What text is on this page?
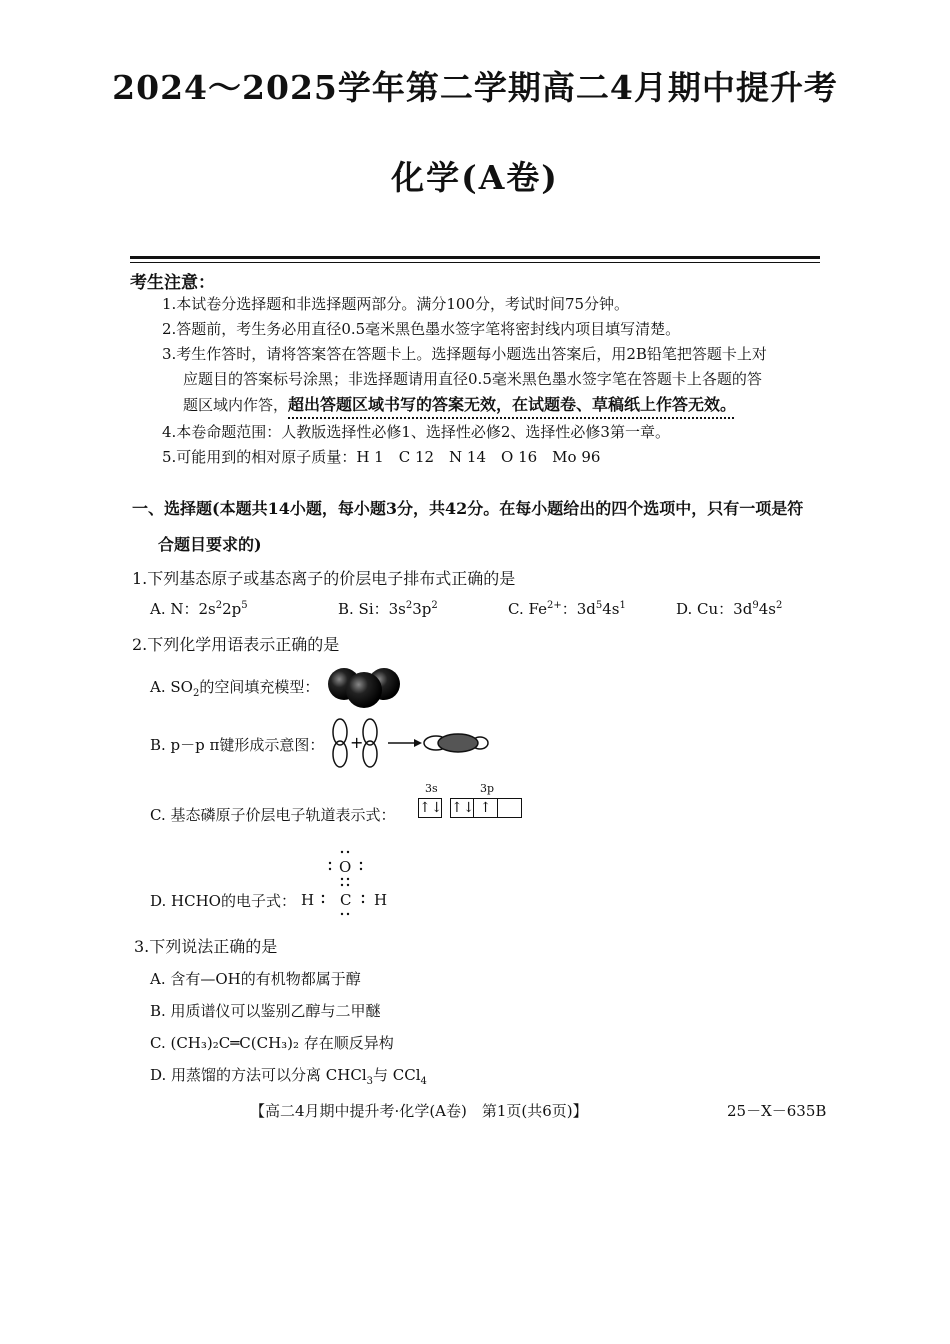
2024～2025学年第二学期高二4月期中提升考
化学(A卷)
考生注意：
1.本试卷分选择题和非选择题两部分。满分100分，考试时间75分钟。
2.答题前，考生务必用直径0.5毫米黑色墨水签字笔将密封线内项目填写清楚。
3.考生作答时，请将答案答在答题卡上。选择题每小题选出答案后，用2B铅笔把答题卡上对
应题目的答案标号涂黑；非选择题请用直径0.5毫米黑色墨水签字笔在答题卡上各题的答
题区域内作答，超出答题区域书写的答案无效，在试题卷、草稿纸上作答无效。
4.本卷命题范围：人教版选择性必修1、选择性必修2、选择性必修3第一章。
5.可能用到的相对原子质量：H 1　C 12　N 14　O 16　Mo 96
一、选择题(本题共14小题，每小题3分，共42分。在每小题给出的四个选项中，只有一项是符
合题目要求的)
1.下列基态原子或基态离子的价层电子排布式正确的是
A. N：$2s^22p^5$	B. Si：$3s^23p^2$	C. $Fe^{2+}$：$3d^54s^1$	D. Cu：$3d^94s^2$
2.下列化学用语表示正确的是
A. $SO_2$的空间填充模型：
B. p－p π键形成示意图： +
C. 基态磷原子价层电子轨道表示式：
3s	3p
↑↓ ↑↓ ↑
D. HCHO的电子式：
O
H C H
3.下列说法正确的是
A. 含有—OH的有机物都属于醇
B. 用质谱仪可以鉴别乙醇与二甲醚
C. (CH₃)₂C═C(CH₃)₂ 存在顺反异构
D. 用蒸馏的方法可以分离 CHCl$_3$与 CCl$_4$
【高二4月期中提升考·化学(A卷)　第1页(共6页)】	25－X－635B
